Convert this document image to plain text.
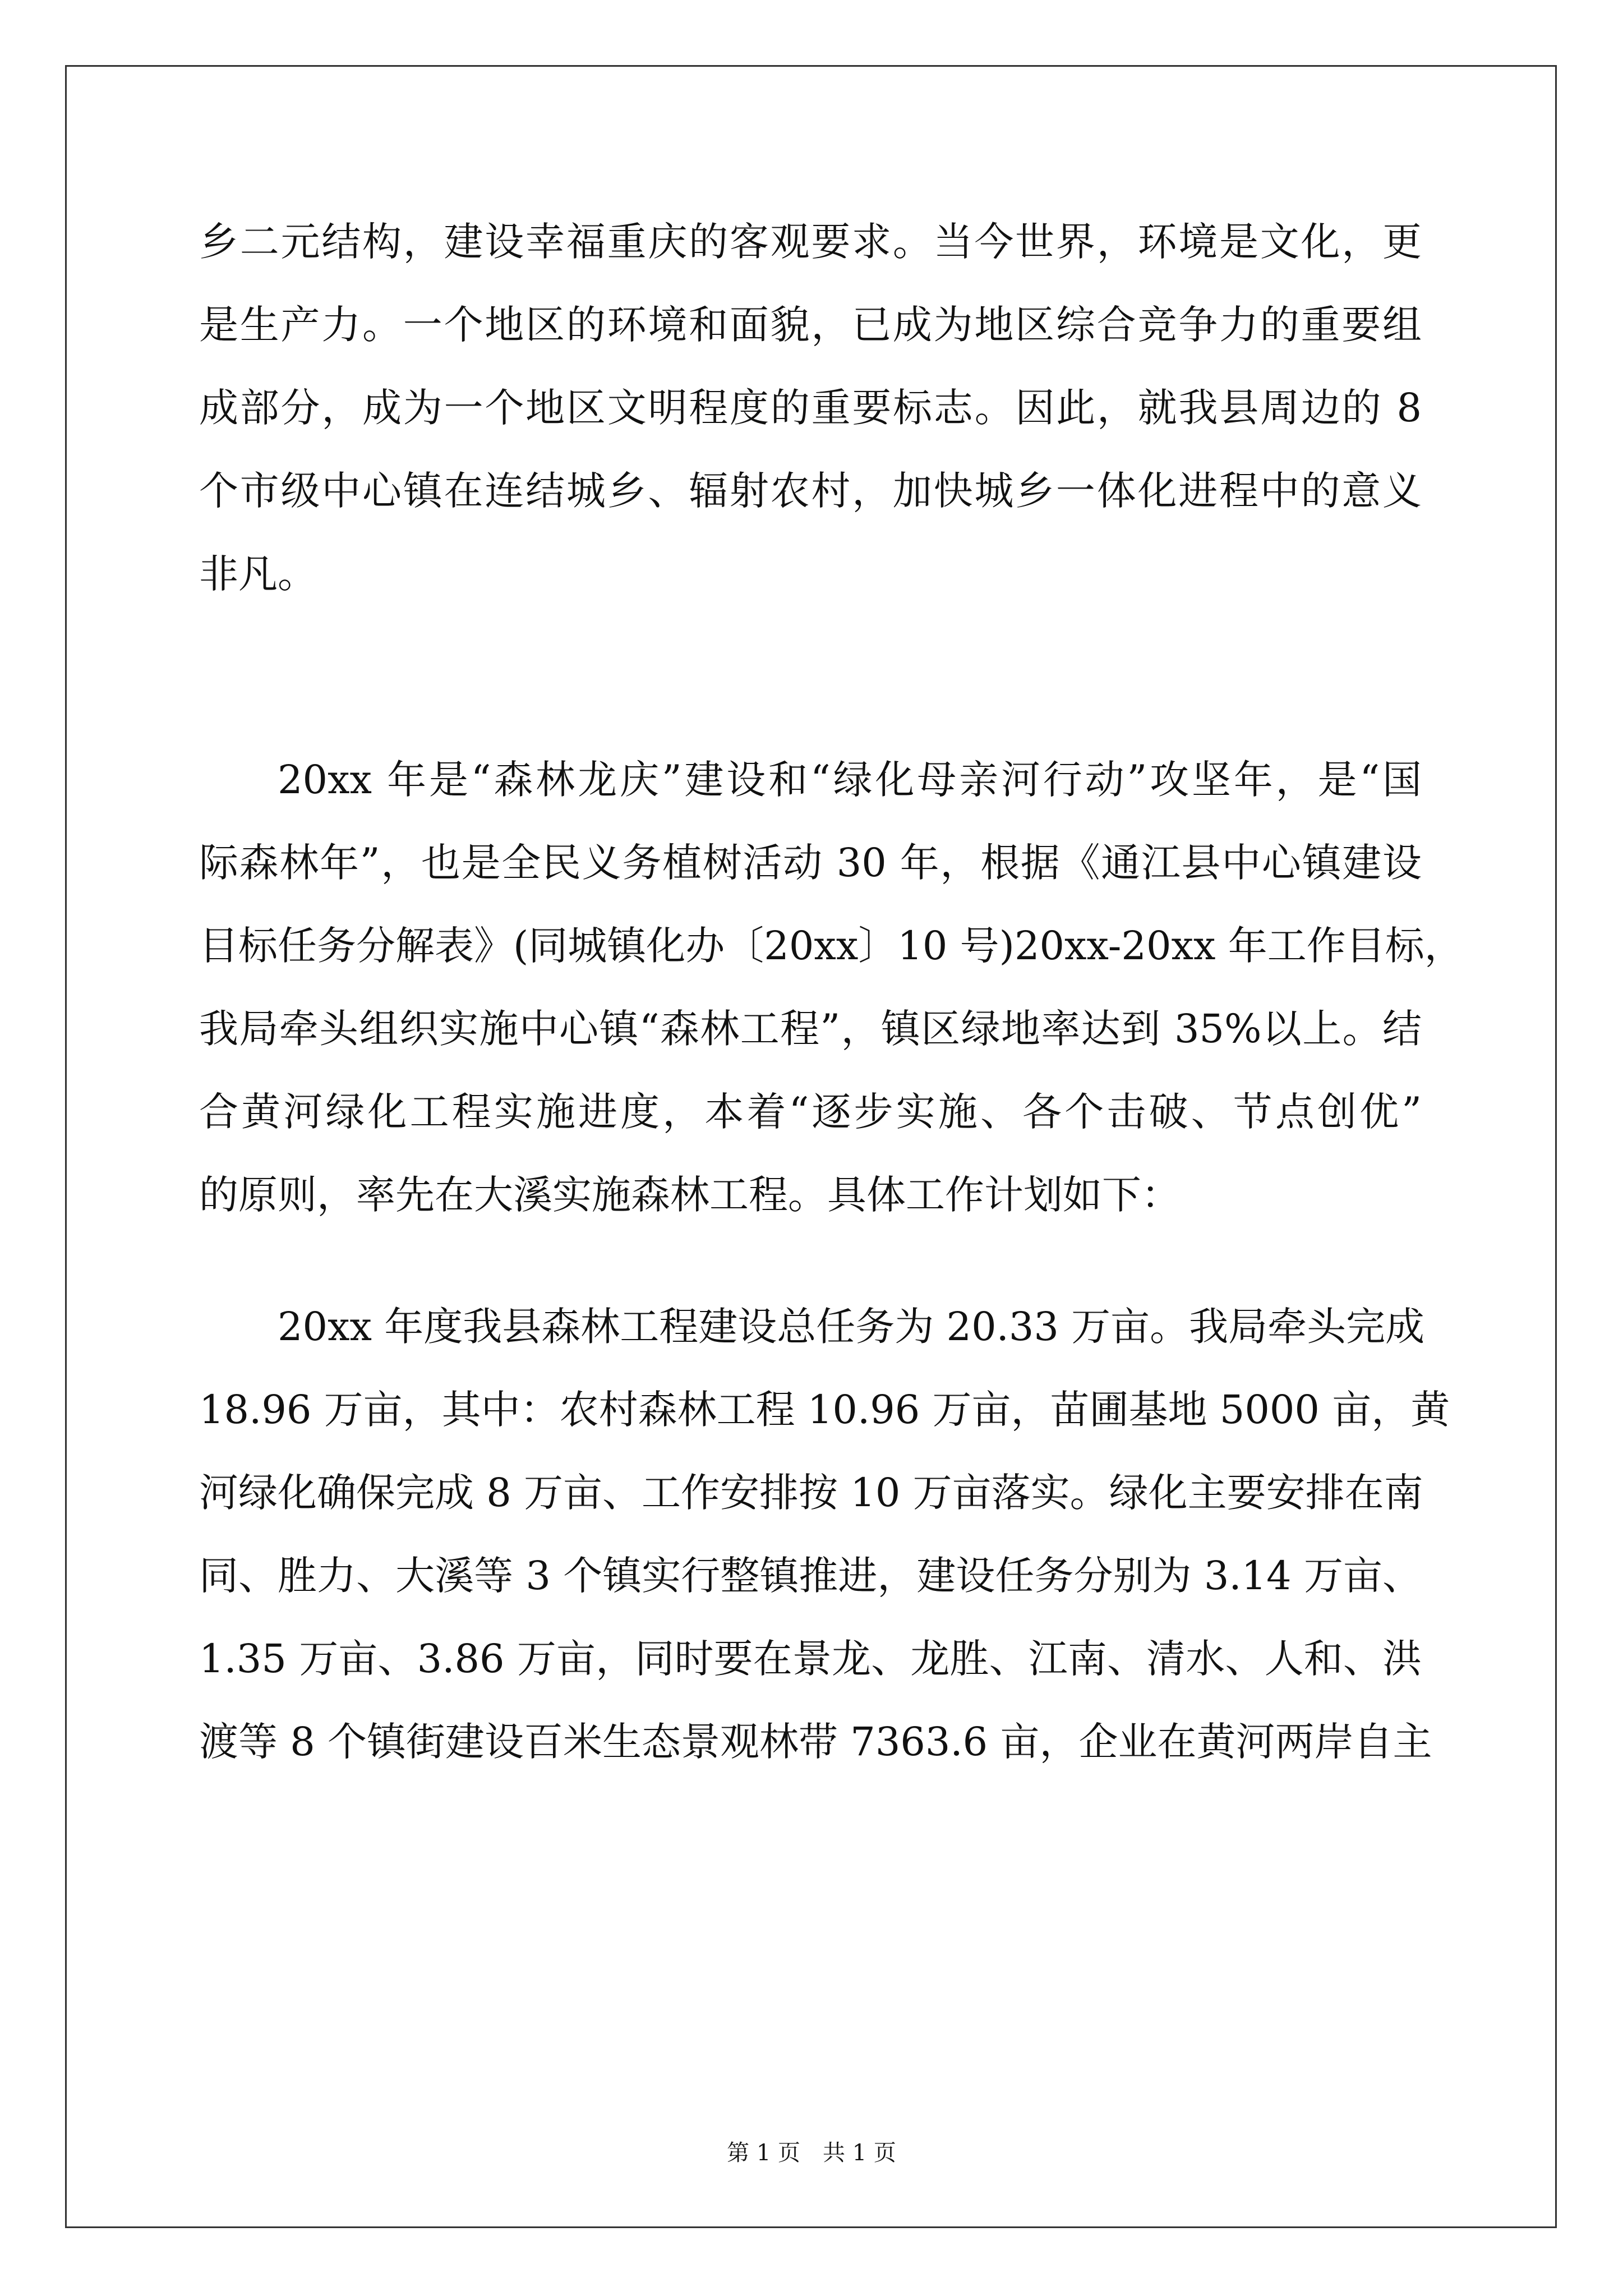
乡二元结构，建设幸福重庆的客观要求。当今世界，环境是文化，更
是生产力。一个地区的环境和面貌，已成为地区综合竞争力的重要组
成部分，成为一个地区文明程度的重要标志。因此，就我县周边的 8
个市级中心镇在连结城乡、辐射农村，加快城乡一体化进程中的意义
非凡。
20xx 年是“森林龙庆”建设和“绿化母亲河行动”攻坚年，是“国
际森林年”，也是全民义务植树活动 30 年，根据《通江县中心镇建设
目标任务分解表》(同城镇化办〔20xx〕10 号)20xx-20xx 年工作目标，
我局牵头组织实施中心镇“森林工程”，镇区绿地率达到 35%以上。结
合黄河绿化工程实施进度，本着“逐步实施、各个击破、节点创优”
的原则，率先在大溪实施森林工程。具体工作计划如下：
20xx 年度我县森林工程建设总任务为 20.33 万亩。我局牵头完成
18.96 万亩，其中：农村森林工程 10.96 万亩，苗圃基地 5000 亩，黄
河绿化确保完成 8 万亩、工作安排按 10 万亩落实。绿化主要安排在南
同、胜力、大溪等 3 个镇实行整镇推进，建设任务分别为 3.14 万亩、
1.35 万亩、3.86 万亩，同时要在景龙、龙胜、江南、清水、人和、洪
渡等 8 个镇街建设百米生态景观林带 7363.6 亩，企业在黄河两岸自主
第 1 页　共 1 页
